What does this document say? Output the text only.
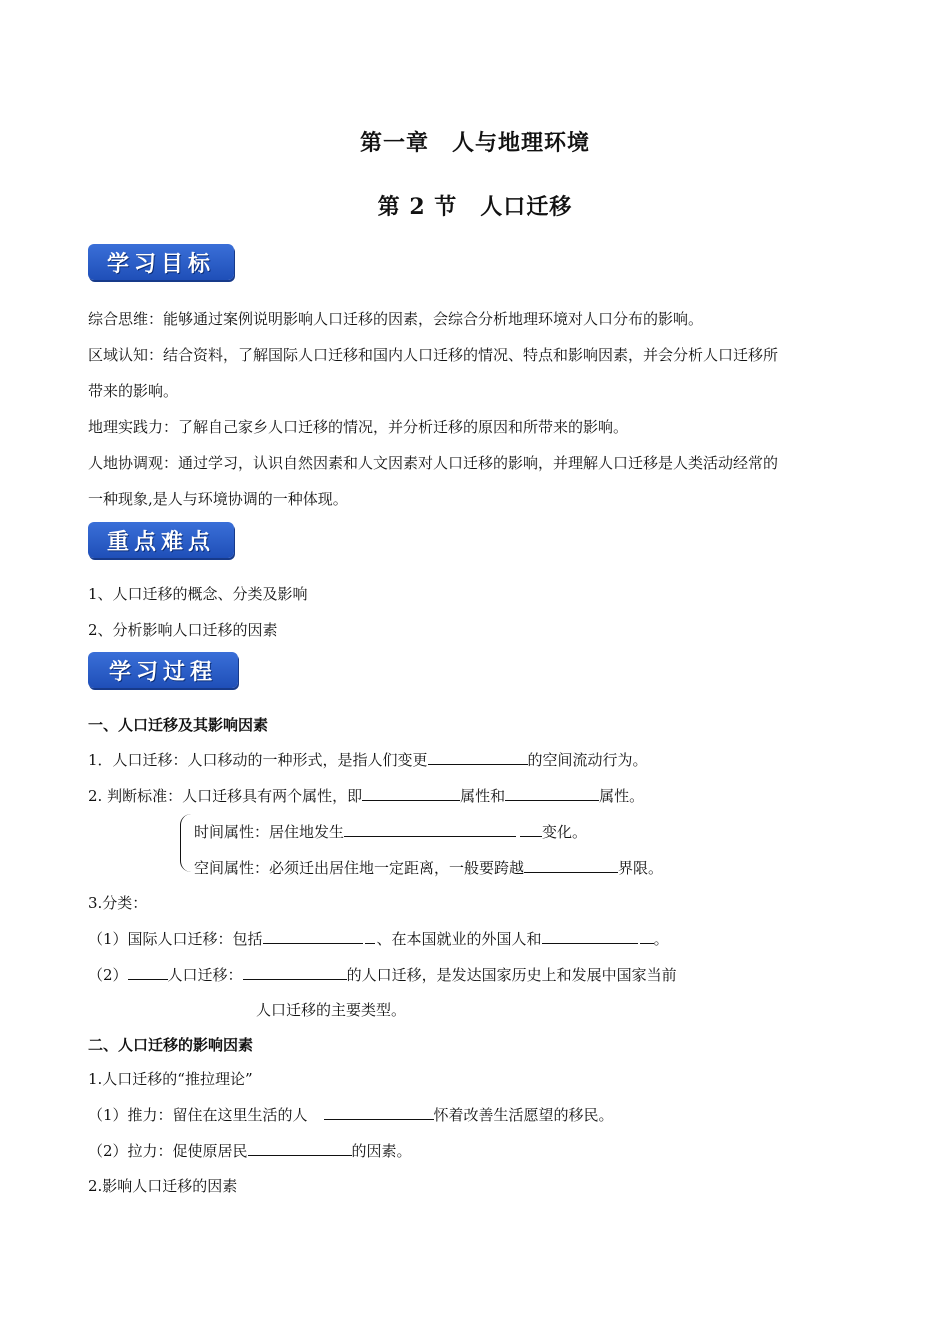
第一章　人与地理环境
第 2 节　人口迁移
学习目标
综合思维：能够通过案例说明影响人口迁移的因素，会综合分析地理环境对人口分布的影响。
区域认知：结合资料，了解国际人口迁移和国内人口迁移的情况、特点和影响因素，并会分析人口迁移所
带来的影响。
地理实践力：了解自己家乡人口迁移的情况，并分析迁移的原因和所带来的影响。
人地协调观：通过学习，认识自然因素和人文因素对人口迁移的影响，并理解人口迁移是人类活动经常的
一种现象,是人与环境协调的一种体现。
重点难点
1、人口迁移的概念、分类及影响
2、分析影响人口迁移的因素
学习过程
一、人口迁移及其影响因素
1．人口迁移：人口移动的一种形式，是指人们变更	的空间流动行为。
2. 判断标准：人口迁移具有两个属性，即	属性和	属性。
时间属性：居住地发生	变化。
空间属性：必须迁出居住地一定距离，一般要跨越	界限。
3.分类：
（1）国际人口迁移：包括	、在本国就业的外国人和	。
（2）	人口迁移：	的人口迁移，是发达国家历史上和发展中国家当前
人口迁移的主要类型。
二、人口迁移的影响因素
1.人口迁移的“推拉理论”
（1）推力：留住在这里生活的人	怀着改善生活愿望的移民。
（2）拉力：促使原居民	的因素。
2.影响人口迁移的因素
